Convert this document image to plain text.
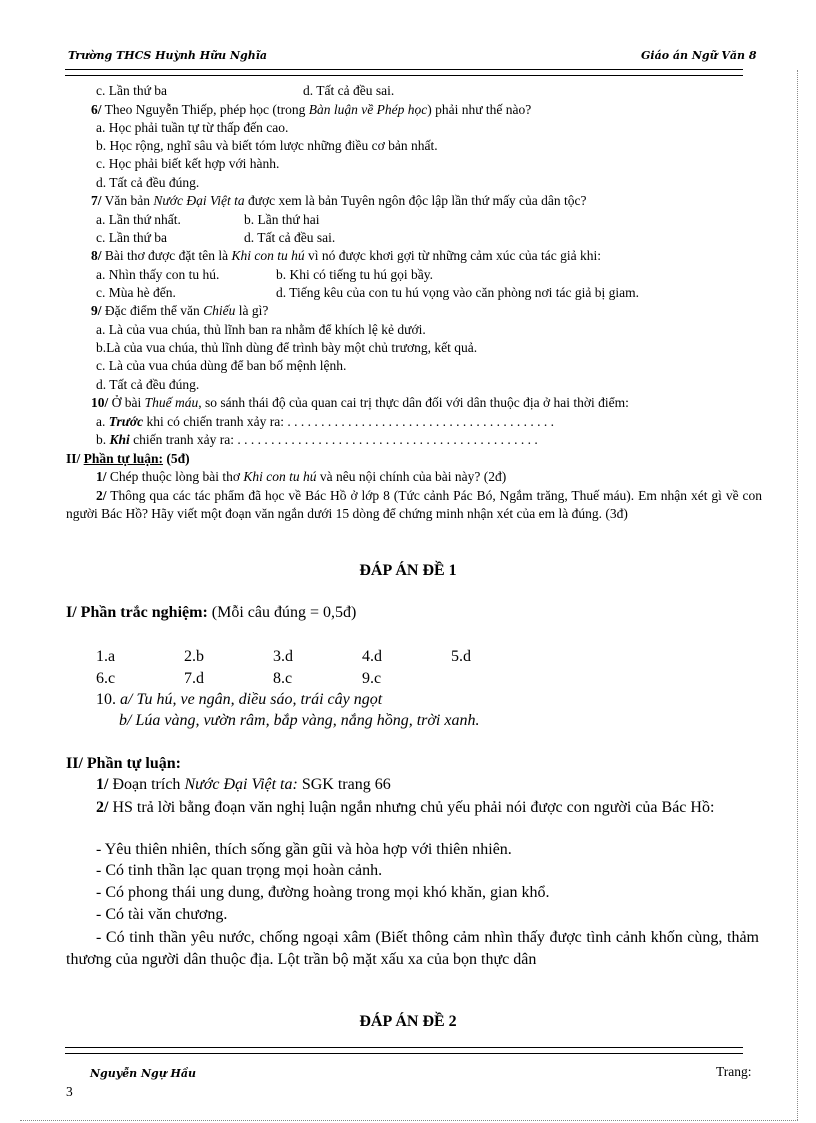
Trường THCS Huỳnh Hữu Nghĩa	Giáo án Ngữ Văn 8
c. Lần thứ ba	d. Tất cả đều sai.
6/ Theo Nguyễn Thiếp, phép học (trong Bàn luận về Phép học) phải như thế nào?
a. Học phải tuần tự từ thấp đến cao.
b. Học rộng, nghĩ sâu và biết tóm lược những điều cơ bản nhất.
c. Học phải biết kết hợp với hành.
d. Tất cả đều đúng.
7/ Văn bản Nước Đại Việt ta được xem là bản Tuyên ngôn độc lập lần thứ mấy của dân tộc?
a. Lần thứ nhất.	b. Lần thứ hai
c. Lần thứ ba	d. Tất cả đều sai.
8/ Bài thơ được đặt tên là Khi con tu hú vì nó được khơi gợi từ những cảm xúc của tác giả khi:
a. Nhìn thấy con tu hú.	b. Khi có tiếng tu hú gọi bầy.
c. Mùa hè đến.	d. Tiếng kêu của con tu hú vọng vào căn phòng nơi tác giả bị giam.
9/ Đặc điểm thể văn Chiếu là gì?
a. Là của vua chúa, thủ lĩnh ban ra nhằm để khích lệ kẻ dưới.
b.Là của vua chúa, thủ lĩnh dùng để trình bày một chủ trương, kết quả.
c. Là của vua chúa dùng để ban bố mệnh lệnh.
d. Tất cả đều đúng.
10/ Ở bài Thuế máu, so sánh thái độ của quan cai trị thực dân đối với dân thuộc địa ở hai thời điểm:
a. Trước khi có chiến tranh xảy ra: . . . . . . . . . . . . . . . . . . . . . . . . . . . . . . . . . . . . . . . .
b. Khi chiến tranh xảy ra: . . . . . . . . . . . . . . . . . . . . . . . . . . . . . . . . . . . . . . . . . . . . .
II/ Phần tự luận: (5đ)
1/ Chép thuộc lòng bài thơ Khi con tu hú và nêu nội chính của bài này? (2đ)
2/ Thông qua các tác phẩm đã học về Bác Hồ ở lớp 8 (Tức cảnh Pác Bó, Ngắm trăng, Thuế máu). Em nhận xét gì về con người Bác Hồ? Hãy viết một đoạn văn ngắn dưới 15 dòng để chứng minh nhận xét của em là đúng. (3đ)
ĐÁP ÁN ĐỀ 1
I/ Phần trắc nghiệm: (Mỗi câu đúng = 0,5đ)
1.a	2.b	3.d	4.d	5.d
6.c	7.d	8.c	9.c
10. a/ Tu hú, ve ngân, diều sáo, trái cây ngọt
b/ Lúa vàng, vườn râm, bắp vàng, nắng hồng, trời xanh.
II/ Phần tự luận:
1/ Đoạn trích Nước Đại Việt ta: SGK trang 66
2/ HS trả lời bằng đoạn văn nghị luận ngắn nhưng chủ yếu phải nói được con người của Bác Hồ:
- Yêu thiên nhiên, thích sống gần gũi và hòa hợp với thiên nhiên.
- Có tinh thần lạc quan trọng mọi hoàn cảnh.
- Có phong thái ung dung, đường hoàng trong mọi khó khăn, gian khổ.
- Có tài văn chương.
- Có tinh thần yêu nước, chống ngoại xâm (Biết thông cảm nhìn thấy được tình cảnh khốn cùng, thảm thương của người dân thuộc địa. Lột trần bộ mặt xấu xa của bọn thực dân
ĐÁP ÁN ĐỀ 2
Nguyễn Ngự Hầu	Trang:
3
